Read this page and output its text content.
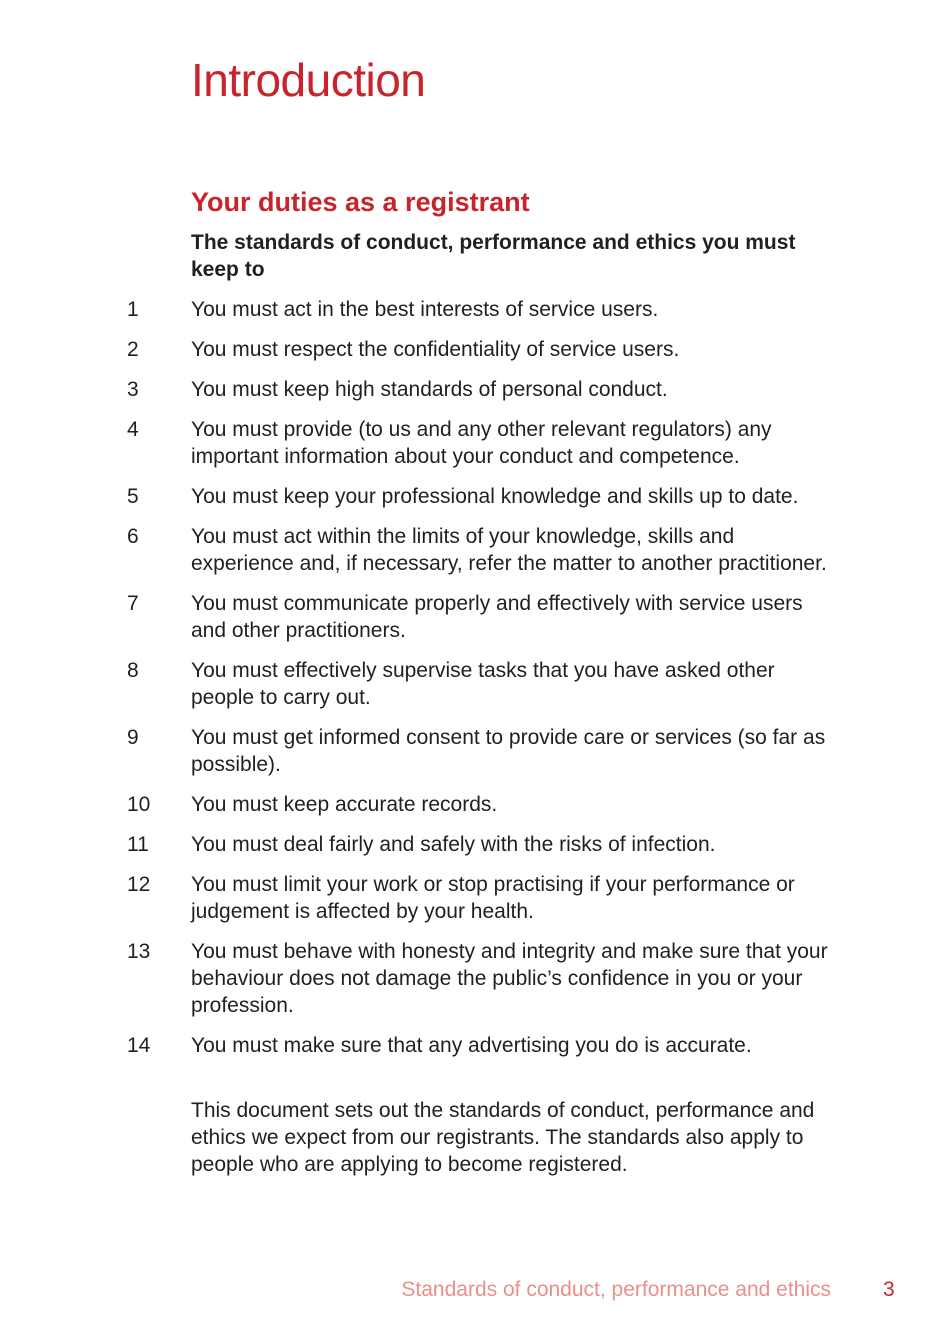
Introduction
Your duties as a registrant

The standards of conduct, performance and ethics you must keep to

1	You must act in the best interests of service users.
2	You must respect the confidentiality of service users.
3	You must keep high standards of personal conduct.
4	You must provide (to us and any other relevant regulators) any important information about your conduct and competence.
5	You must keep your professional knowledge and skills up to date.
6	You must act within the limits of your knowledge, skills and experience and, if necessary, refer the matter to another practitioner.
7	You must communicate properly and effectively with service users and other practitioners.
8	You must effectively supervise tasks that you have asked other people to carry out.
9	You must get informed consent to provide care or services (so far as possible).
10	You must keep accurate records.
11	You must deal fairly and safely with the risks of infection.
12	You must limit your work or stop practising if your performance or judgement is affected by your health.
13	You must behave with honesty and integrity and make sure that your behaviour does not damage the public’s confidence in you or your profession.
14	You must make sure that any advertising you do is accurate.

This document sets out the standards of conduct, performance and ethics we expect from our registrants. The standards also apply to people who are applying to become registered.

Standards of conduct, performance and ethics 3
